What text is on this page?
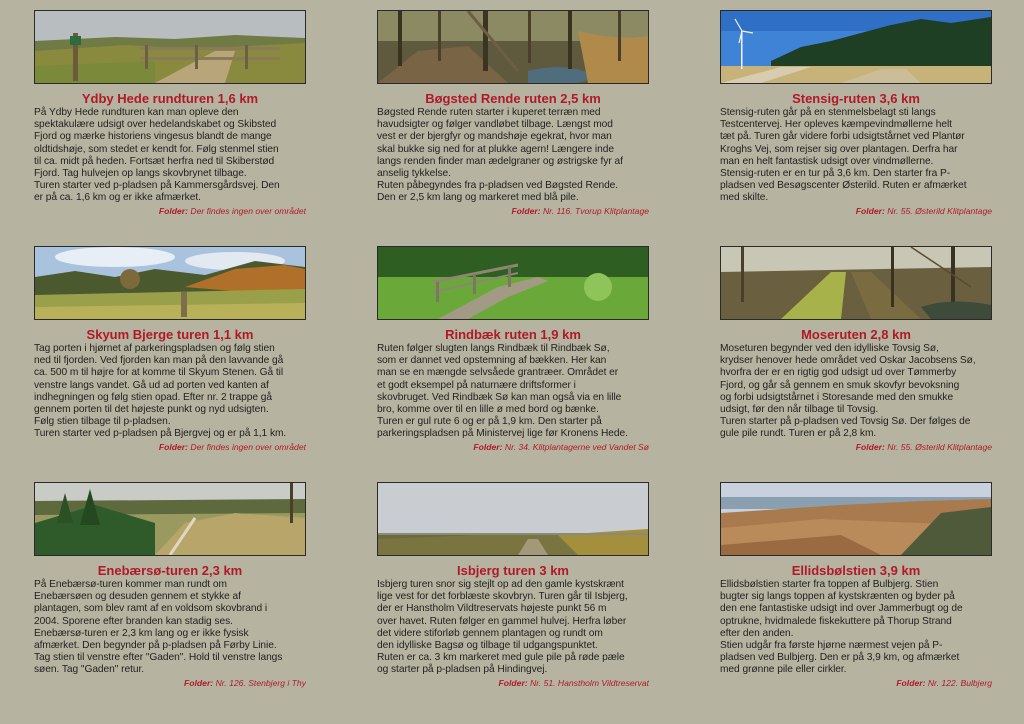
Ydby Hede rundturen 1,6 km
På Ydby Hede rundturen kan man opleve den
spektakulære udsigt over hedelandskabet og Skibsted
Fjord og mærke historiens vingesus blandt de mange
oldtidshøje, som stedet er kendt for. Følg stenmel stien
til ca. midt på heden. Fortsæt herfra ned til Skiberstød
Fjord. Tag hulvejen op langs skovbrynet tilbage.
Turen starter ved p-pladsen på Kammersgårdsvej. Den
er på ca. 1,6 km og er ikke afmærket.
Folder: Der findes ingen over området
Bøgsted Rende ruten 2,5 km
Bøgsted Rende ruten starter i kuperet terræn med
havudsigter og følger vandløbet tilbage. Længst mod
vest er der bjergfyr og mandshøje egekrat, hvor man
skal bukke sig ned for at plukke agern! Længere inde
langs renden finder man ædelgraner og østrigske fyr af
anselig tykkelse.
Ruten påbegyndes fra p-pladsen ved Bøgsted Rende.
Den er 2,5 km lang og markeret med blå pile.
Folder: Nr. 116. Tvorup Klitplantage
Stensig-ruten 3,6 km
Stensig-ruten går på en stenmelsbelagt sti langs
Testcentervej. Her opleves kæmpevindmøllerne helt
tæt på. Turen går videre forbi udsigtstårnet ved Plantør
Kroghs Vej, som rejser sig over plantagen. Derfra har
man en helt fantastisk udsigt over vindmøllerne.
Stensig-ruten er en tur på 3,6 km. Den starter fra P-
pladsen ved Besøgscenter Østerild. Ruten er afmærket
med skilte.
Folder: Nr. 55. Østerild Klitplantage
Skyum Bjerge turen 1,1 km
Tag porten i hjørnet af parkeringspladsen og følg stien
ned til fjorden. Ved fjorden kan man på den lavvande gå
ca. 500 m til højre for at komme til Skyum Stenen. Gå til
venstre langs vandet. Gå ud ad porten ved kanten af
indhegningen og følg stien opad. Efter nr. 2 trappe gå
gennem porten til det højeste punkt og nyd udsigten.
Følg stien tilbage til p-pladsen.
Turen starter ved p-pladsen på Bjergvej og er på 1,1 km.
Folder: Der findes ingen over området
Rindbæk ruten 1,9 km
Ruten følger slugten langs Rindbæk til Rindbæk Sø,
som er dannet ved opstemning af bækken. Her kan
man se en mængde selvsåede grantræer. Området er
et godt eksempel på naturnære driftsformer i
skovbruget. Ved Rindbæk Sø kan man også via en lille
bro, komme over til en lille ø med bord og bænke.
Turen er gul rute 6 og er på 1,9 km. Den starter på
parkeringspladsen på Ministervej lige før Kronens Hede.
Folder: Nr. 34. Klitplantagerne ved Vandet Sø
Moseruten 2,8 km
Moseturen begynder ved den idylliske Tovsig Sø,
krydser henover hede området ved Oskar Jacobsens Sø,
hvorfra der er en rigtig god udsigt ud over Tømmerby
Fjord, og går så gennem en smuk skovfyr bevoksning
og forbi udsigtstårnet i Storesande med den smukke
udsigt, før den når tilbage til Tovsig.
Turen starter på p-pladsen ved Tovsig Sø. Der følges de
gule pile rundt. Turen er på 2,8 km.
Folder: Nr. 55. Østerild Klitplantage
Enebærsø-turen 2,3 km
På Enebærsø-turen kommer man rundt om
Enebærsøen og desuden gennem et stykke af
plantagen, som blev ramt af en voldsom skovbrand i
2004. Sporene efter branden kan stadig ses.
Enebærsø-turen er 2,3 km lang og er ikke fysisk
afmærket. Den begynder på p-pladsen på Førby Linie.
Tag stien til venstre efter "Gaden". Hold til venstre langs
søen. Tag "Gaden" retur.
Folder: Nr. 126. Stenbjerg i Thy
Isbjerg turen 3 km
Isbjerg turen snor sig stejlt op ad den gamle kystskrænt
lige vest for det forblæste skovbryn. Turen går til Isbjerg,
der er Hanstholm Vildtreservats højeste punkt 56 m
over havet. Ruten følger en gammel hulvej. Herfra løber
det videre stiforløb gennem plantagen og rundt om
den idylliske Bagsø og tilbage til udgangspunktet.
Ruten er ca. 3 km markeret med gule pile på røde pæle
og starter på p-pladsen på Hindingvej.
Folder: Nr. 51. Hanstholm Vildtreservat
Ellidsbølstien 3,9 km
Ellidsbølstien starter fra toppen af Bulbjerg. Stien
bugter sig langs toppen af kystskrænten og byder på
den ene fantastiske udsigt ind over Jammerbugt og de
optrukne, hvidmalede fiskekuttere på Thorup Strand
efter den anden.
Stien udgår fra første hjørne nærmest vejen på P-
pladsen ved Bulbjerg. Den er på 3,9 km, og afmærket
med grønne pile eller cirkler.
Folder: Nr. 122. Bulbjerg
